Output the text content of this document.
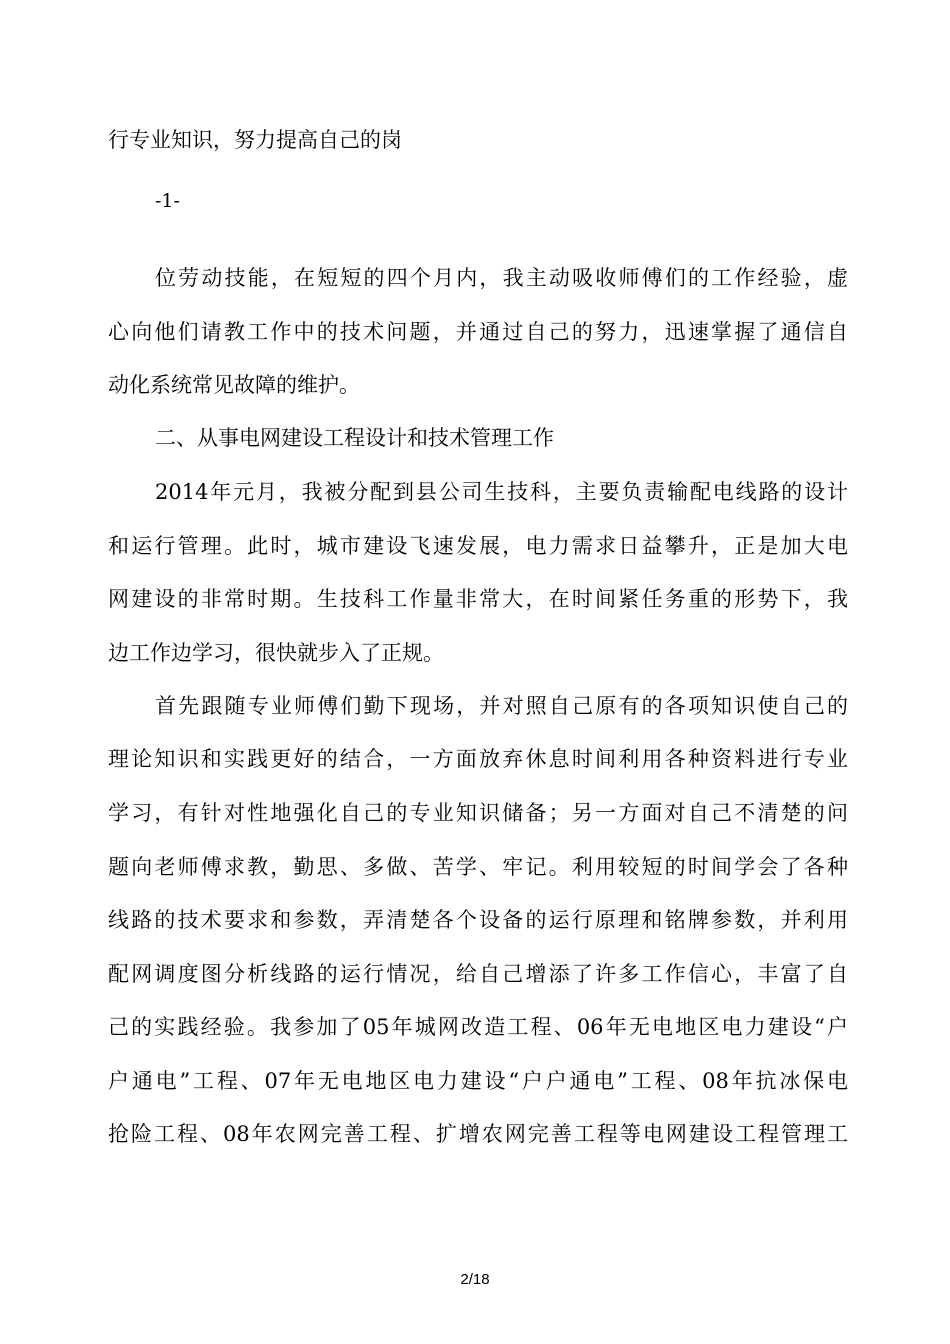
行专业知识，努力提高自己的岗
-1-
位劳动技能，在短短的四个月内，我主动吸收师傅们的工作经验，虚
心向他们请教工作中的技术问题，并通过自己的努力，迅速掌握了通信自
动化系统常见故障的维护。
二、从事电网建设工程设计和技术管理工作
2014年元月，我被分配到县公司生技科，主要负责输配电线路的设计
和运行管理。此时，城市建设飞速发展，电力需求日益攀升，正是加大电
网建设的非常时期。生技科工作量非常大，在时间紧任务重的形势下，我
边工作边学习，很快就步入了正规。
首先跟随专业师傅们勤下现场，并对照自己原有的各项知识使自己的
理论知识和实践更好的结合，一方面放弃休息时间利用各种资料进行专业
学习，有针对性地强化自己的专业知识储备；另一方面对自己不清楚的问
题向老师傅求教，勤思、多做、苦学、牢记。利用较短的时间学会了各种
线路的技术要求和参数，弄清楚各个设备的运行原理和铭牌参数，并利用
配网调度图分析线路的运行情况，给自己增添了许多工作信心，丰富了自
己的实践经验。我参加了05年城网改造工程、06年无电地区电力建设“户
户通电”工程、07年无电地区电力建设“户户通电”工程、08年抗冰保电
抢险工程、08年农网完善工程、扩增农网完善工程等电网建设工程管理工
2/18
